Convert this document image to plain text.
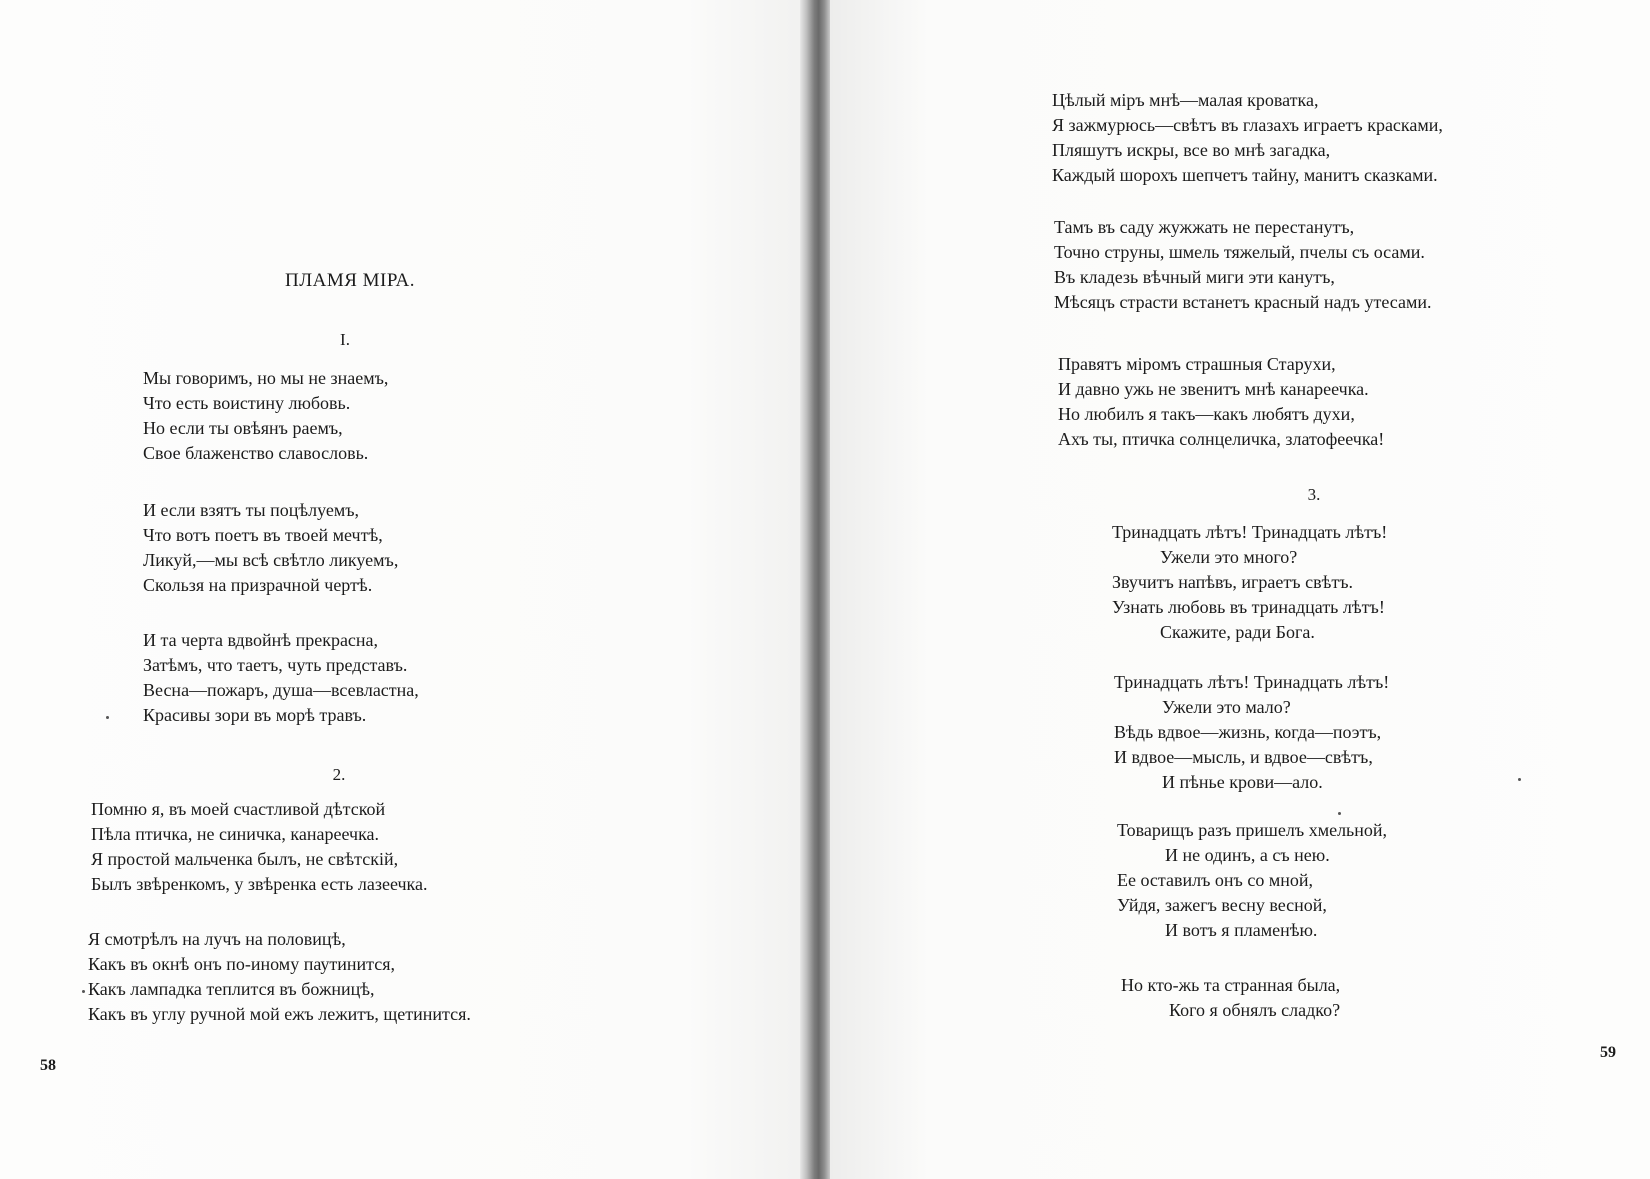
ПЛАМЯ МІРА.
I.
Мы говоримъ, но мы не знаемъ,
Что есть воистину любовь.
Но если ты овѣянъ раемъ,
Свое блаженство славословь.
И если взятъ ты поцѣлуемъ,
Что вотъ поетъ въ твоей мечтѣ,
Ликуй,—мы всѣ свѣтло ликуемъ,
Скользя на призрачной чертѣ.
И та черта вдвойнѣ прекрасна,
Затѣмъ, что таетъ, чуть представъ.
Весна—пожаръ, душа—всевластна,
Красивы зори въ морѣ травъ.
2.
Помню я, въ моей счастливой дѣтской
Пѣла птичка, не синичка, канареечка.
Я простой мальченка былъ, не свѣтскій,
Былъ звѣренкомъ, у звѣренка есть лазеечка.
Я смотрѣлъ на лучъ на половицѣ,
Какъ въ окнѣ онъ по-иному паутинится,
Какъ лампадка теплится въ божницѣ,
Какъ въ углу ручной мой ежъ лежитъ, щетинится.
58
Цѣлый міръ мнѣ—малая кроватка,
Я зажмурюсь—свѣтъ въ глазахъ играетъ красками,
Пляшутъ искры, все во мнѣ загадка,
Каждый шорохъ шепчетъ тайну, манитъ сказками.
Тамъ въ саду жужжать не перестанутъ,
Точно струны, шмель тяжелый, пчелы съ осами.
Въ кладезь вѣчный миги эти канутъ,
Мѣсяцъ страсти встанетъ красный надъ утесами.
Правятъ міромъ страшныя Старухи,
И давно ужь не звенитъ мнѣ канареечка.
Но любилъ я такъ—какъ любятъ духи,
Ахъ ты, птичка солнцеличка, златофеечка!
3.
Тринадцать лѣтъ! Тринадцать лѣтъ!
Ужели это много?
Звучитъ напѣвъ, играетъ свѣтъ.
Узнать любовь въ тринадцать лѣтъ!
Скажите, ради Бога.
Тринадцать лѣтъ! Тринадцать лѣтъ!
Ужели это мало?
Вѣдь вдвое—жизнь, когда—поэтъ,
И вдвое—мысль, и вдвое—свѣтъ,
И пѣнье крови—ало.
Товарищъ разъ пришелъ хмельной,
И не одинъ, а съ нею.
Ее оставилъ онъ со мной,
Уйдя, зажегъ весну весной,
И вотъ я пламенѣю.
Но кто-жь та странная была,
Кого я обнялъ сладко?
59
